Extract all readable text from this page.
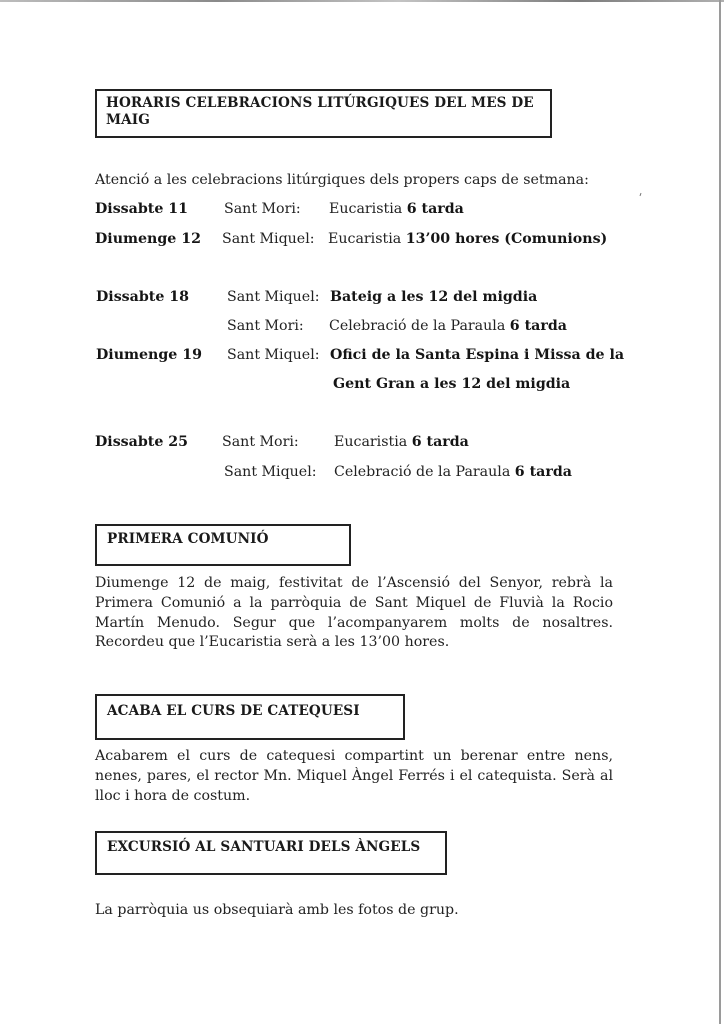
HORARIS CELEBRACIONS LITÚRGIQUES DEL MES DE
MAIG
Atenció a les celebracions litúrgiques dels propers caps de setmana:
Dissabte 11	Sant Mori: Eucaristia 6 tarda
Diumenge 12 Sant Miquel: Eucaristia 13’00 hores (Comunions)
Dissabte 18	Sant Miquel: Bateig a les 12 del migdia
Sant Mori: Celebració de la Paraula 6 tarda
Diumenge 19 Sant Miquel: Ofici de la Santa Espina i Missa de la
Gent Gran a les 12 del migdia
Dissabte 25 Sant Mori: Eucaristia 6 tarda
Sant Miquel: Celebració de la Paraula 6 tarda
PRIMERA COMUNIÓ
Diumenge 12 de maig, festivitat de l’Ascensió del Senyor, rebrà la Primera Comunió a la parròquia de Sant Miquel de Fluvià la Rocio Martín Menudo. Segur que l’acompanyarem molts de nosaltres. Recordeu que l’Eucaristia serà a les 13’00 hores.
ACABA EL CURS DE CATEQUESI
Acabarem el curs de catequesi compartint un berenar entre nens, nenes, pares, el rector Mn. Miquel Àngel Ferrés i el catequista. Serà al lloc i hora de costum.
EXCURSIÓ AL SANTUARI DELS ÀNGELS
La parròquia us obsequiarà amb les fotos de grup.
